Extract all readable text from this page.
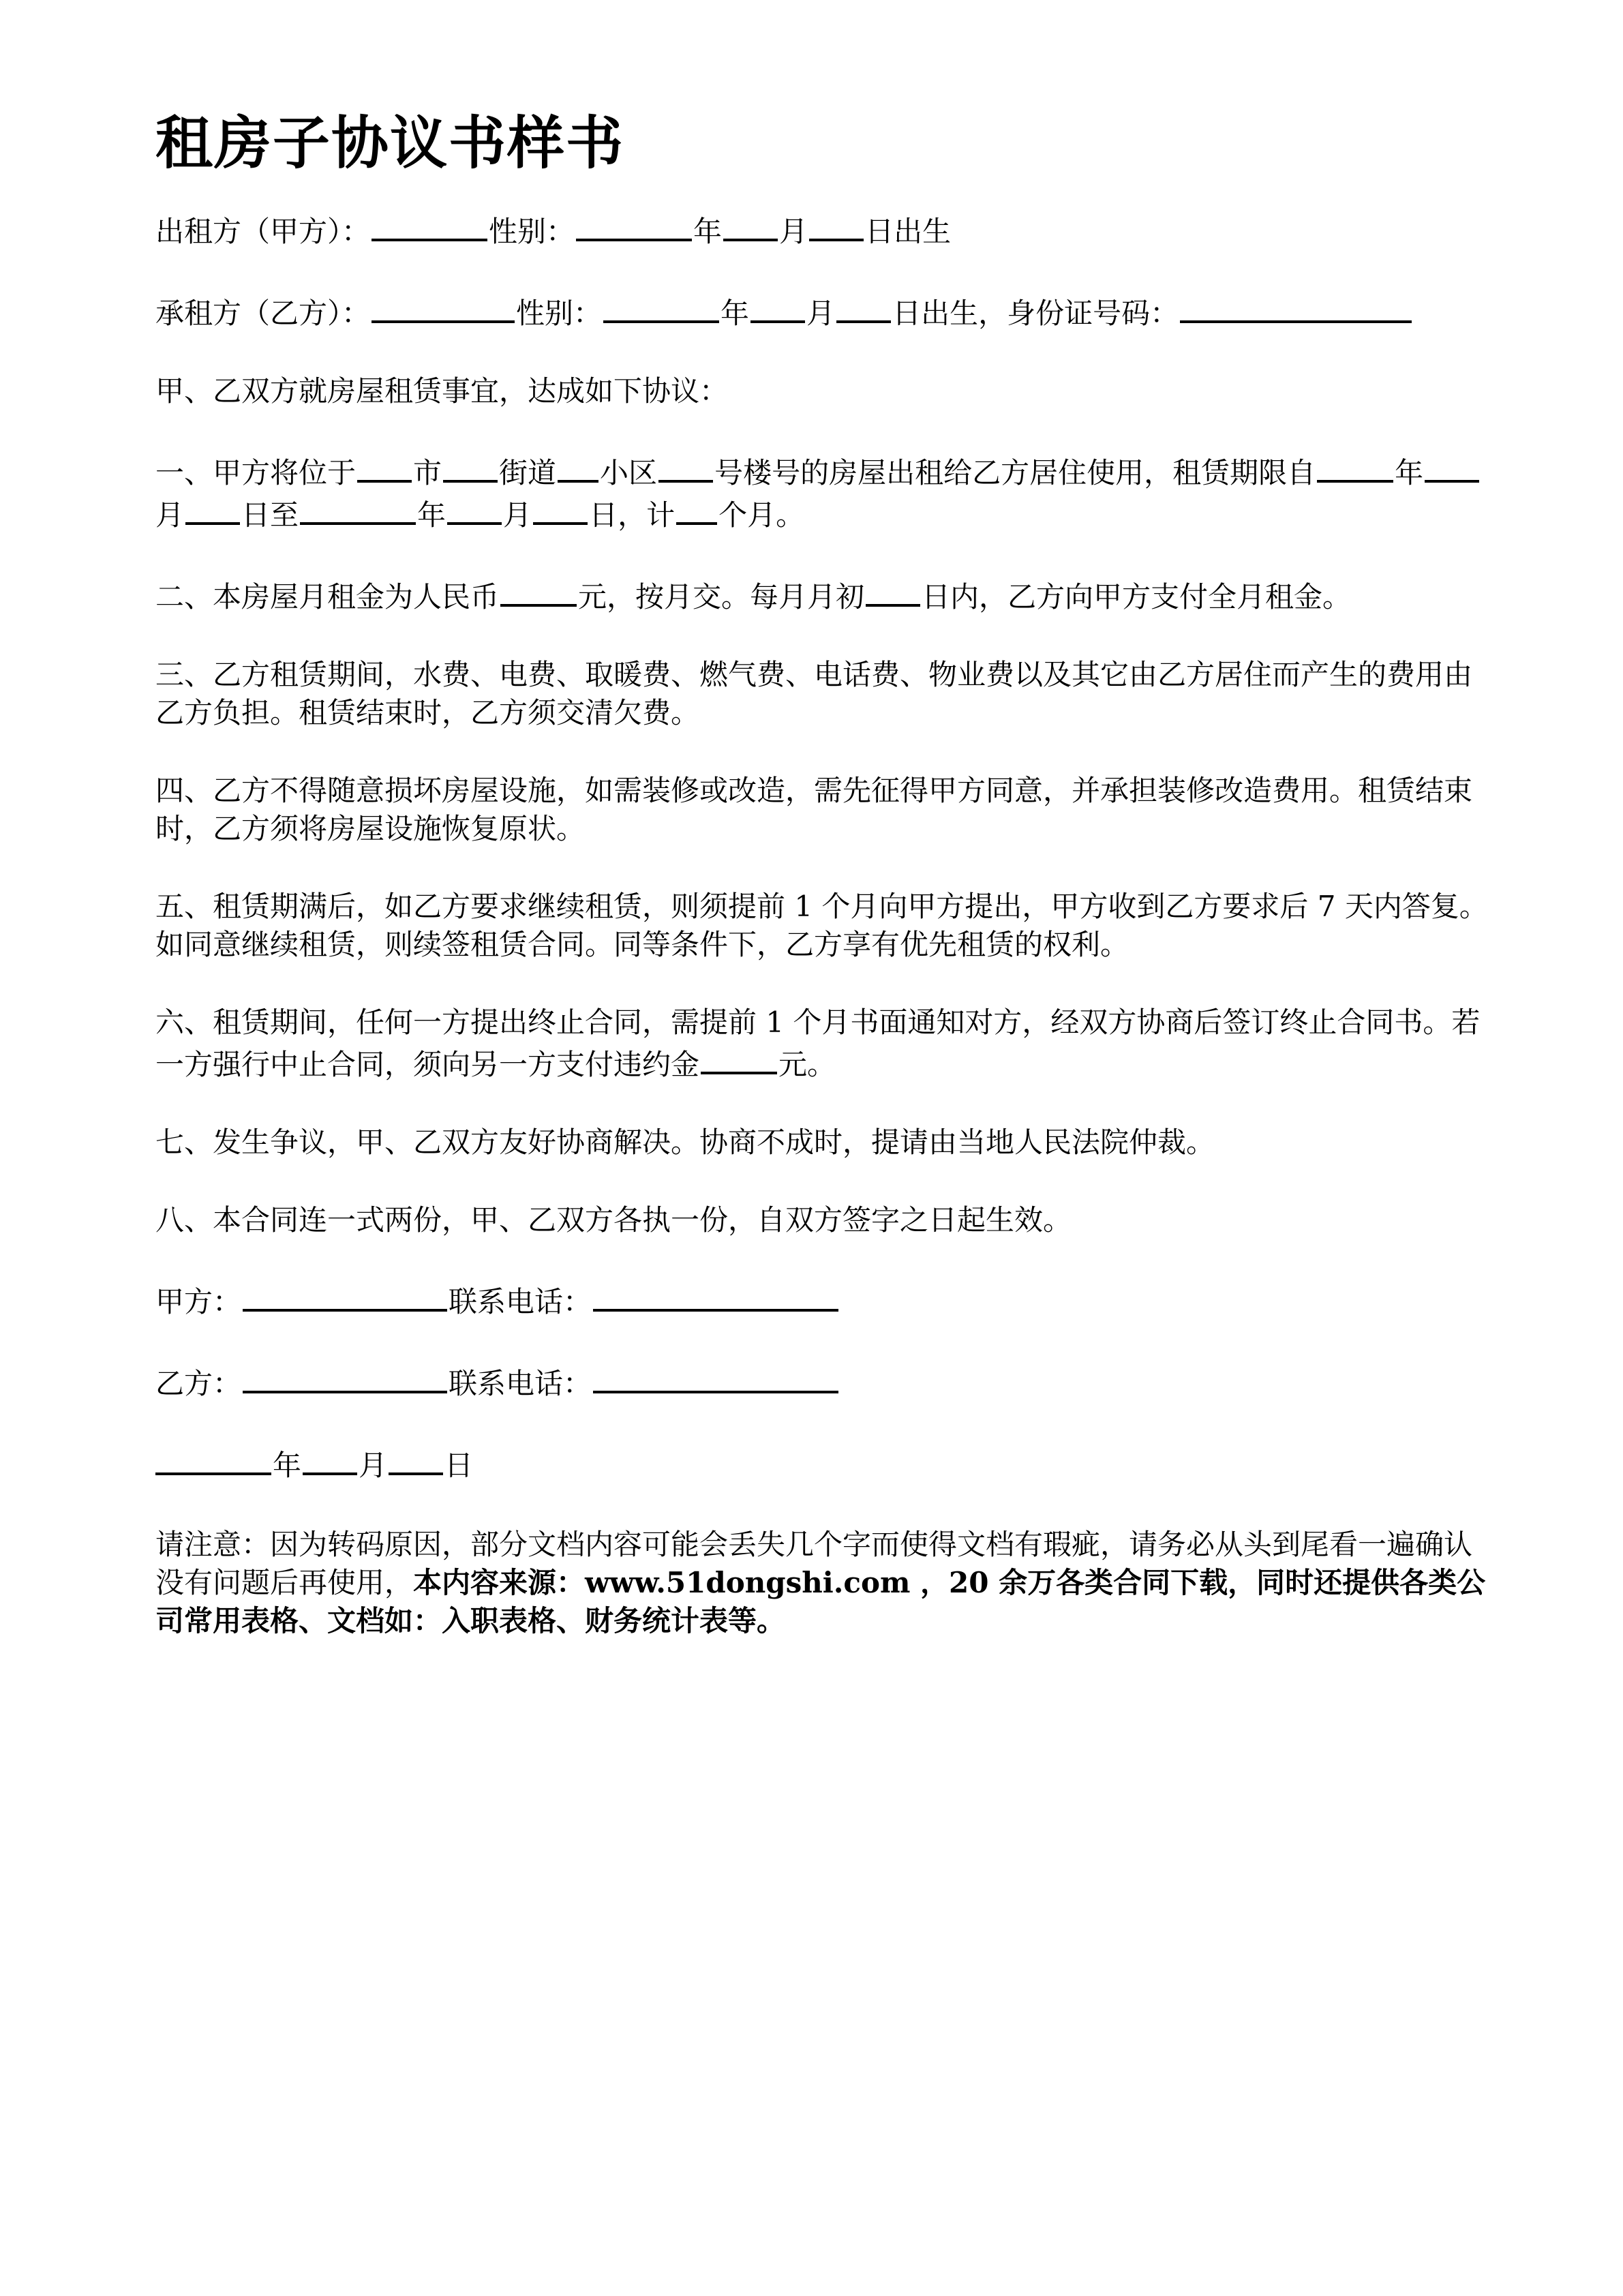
租房子协议书样书

出租方（甲方）：	性别：	年 月 日出生

承租方（乙方）：	性别：	年 月 日出生，身份证号码：

甲、乙双方就房屋租赁事宜，达成如下协议：

一、甲方将位于 市 街道 小区 号楼号的房屋出租给乙方居住使用，租赁期限自	年月 日至	年 月 日，计 个月。

二、本房屋月租金为人民币	元，按月交。每月月初 日内，乙方向甲方支付全月租金。

三、乙方租赁期间，水费、电费、取暖费、燃气费、电话费、物业费以及其它由乙方居住而产生的费用由乙方负担。租赁结束时，乙方须交清欠费。

四、乙方不得随意损坏房屋设施，如需装修或改造，需先征得甲方同意，并承担装修改造费用。租赁结束时，乙方须将房屋设施恢复原状。

五、租赁期满后，如乙方要求继续租赁，则须提前 1 个月向甲方提出，甲方收到乙方要求后 7 天内答复。如同意继续租赁，则续签租赁合同。同等条件下，乙方享有优先租赁的权利。

六、租赁期间，任何一方提出终止合同，需提前 1 个月书面通知对方，经双方协商后签订终止合同书。若一方强行中止合同，须向另一方支付违约金	元。

七、发生争议，甲、乙双方友好协商解决。协商不成时，提请由当地人民法院仲裁。

八、本合同连一式两份，甲、乙双方各执一份，自双方签字之日起生效。

甲方：	联系电话：

乙方：	联系电话：

年 月 日

请注意：因为转码原因，部分文档内容可能会丢失几个字而使得文档有瑕疵，请务必从头到尾看一遍确认没有问题后再使用，本内容来源：www.51dongshi.com ，20 余万各类合同下载，同时还提供各类公司常用表格、文档如：入职表格、财务统计表等。
